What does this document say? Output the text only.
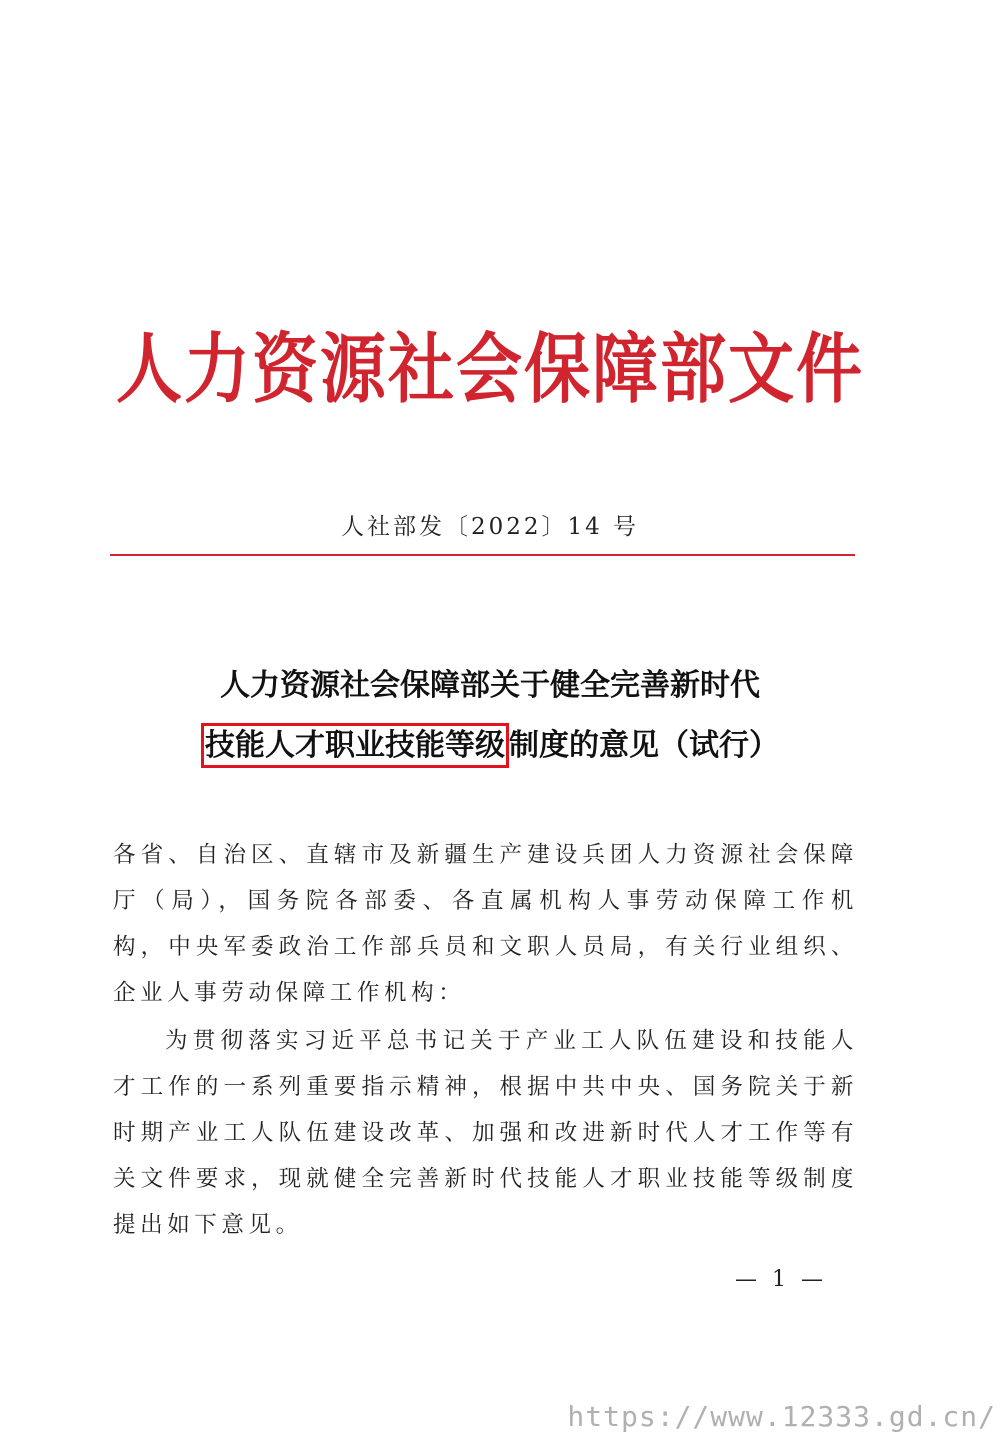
人力资源社会保障部文件
人社部发〔2022〕14 号
人力资源社会保障部关于健全完善新时代
技能人才职业技能等级 制度的意见（试行）
各省、自治区、直辖市及新疆生产建设兵团人力资源社会保障厅（局），国务院各部委、各直属机构人事劳动保障工作机构，中央军委政治工作部兵员和文职人员局，有关行业组织、企业人事劳动保障工作机构：
为贯彻落实习近平总书记关于产业工人队伍建设和技能人才工作的一系列重要指示精神，根据中共中央、国务院关于新时期产业工人队伍建设改革、加强和改进新时代人才工作等有关文件要求，现就健全完善新时代技能人才职业技能等级制度提出如下意见。
— 1 —
https://www.12333.gd.cn/
